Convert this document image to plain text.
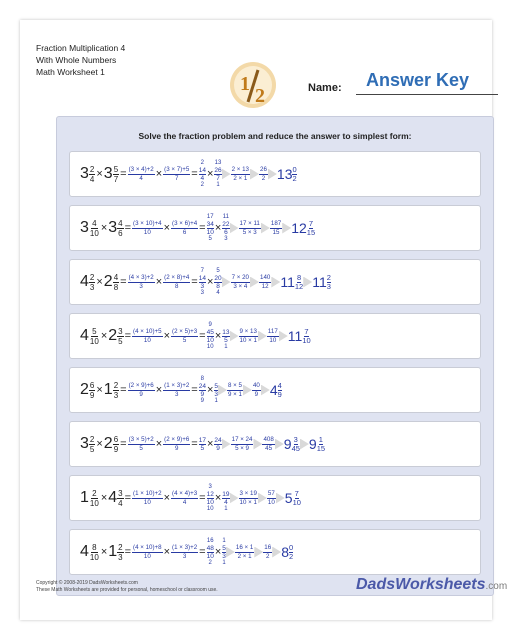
Fraction Multiplication 4
With Whole Numbers
Math Worksheet 1
1
2	Name: Answer Key
Solve the fraction problem and reduce the answer to simplest form:
$3 \frac{2}{4} \times 3 \frac{5}{7} = \frac{(3 \times 4)+2}{4} \times \frac{(3 \times 7)+5}{7}$ =
2
$\frac{14}{4}$
2
×
13
$\frac{26}{7}$
1
$\frac{2 \times 13}{2 \times 1} \frac{26}{2} 13 \frac{0}{2}$
$3 \frac{4}{10} \times 3 \frac{4}{6} = \frac{(3 \times 10)+4}{10} \times \frac{(3 \times 6)+4}{6}$ =
17
$\frac{34}{10}$
5
×
11
$\frac{22}{6}$
3
$\frac{17 \times 11}{5 \times 3} \frac{187}{15} 12 \frac{7}{15}$
$4 \frac{2}{3} \times 2 \frac{4}{8} = \frac{(4 \times 3)+2}{3} \times \frac{(2 \times 8)+4}{8}$ =
7
$\frac{14}{3}$
3
×
5
$\frac{20}{8}$
4
$\frac{7 \times 20}{3 \times 4} \frac{140}{12} 11 \frac{8}{12} 11 \frac{2}{3}$
$4 \frac{5}{10} \times 2 \frac{3}{5} = \frac{(4 \times 10)+5}{10} \times \frac{(2 \times 5)+3}{5}$ =
9
$\frac{45}{10}$
10
×
$\frac{13}{5}$
1
$\frac{9 \times 13}{10 \times 1} \frac{117}{10} 11 \frac{7}{10}$
$2 \frac{6}{9} \times 1 \frac{2}{3} = \frac{(2 \times 9)+6}{9} \times \frac{(1 \times 3)+2}{3}$ =
8
$\frac{24}{9}$
9
×
$\frac{5}{3}$
1
$\frac{8 \times 5}{9 \times 1} \frac{40}{9} 4 \frac{4}{9}$
$3 \frac{2}{5} \times 2 \frac{6}{9} = \frac{(3 \times 5)+2}{5} \times \frac{(2 \times 9)+6}{9}$ =
$\frac{17}{5}$
×
$\frac{24}{9}$
$\frac{17 \times 24}{5 \times 9} \frac{408}{45} 9 \frac{3}{45} 9 \frac{1}{15}$
$1 \frac{2}{10} \times 4 \frac{3}{4} = \frac{(1 \times 10)+2}{10} \times \frac{(4 \times 4)+3}{4}$ =
3
$\frac{12}{10}$
10
×
$\frac{19}{4}$
1
$\frac{3 \times 19}{10 \times 1} \frac{57}{10} 5 \frac{7}{10}$
$4 \frac{8}{10} \times 1 \frac{2}{3} = \frac{(4 \times 10)+8}{10} \times \frac{(1 \times 3)+2}{3}$ =
16
$\frac{48}{10}$
2
×
1
$\frac{5}{3}$
1
$\frac{16 \times 1}{2 \times 1} \frac{16}{2} 8 \frac{0}{2}$
Copyright © 2008-2019 DadsWorksheets.com
These Math Worksheets are provided for personal, homeschool or classroom use.	DadsWorksheets.com
